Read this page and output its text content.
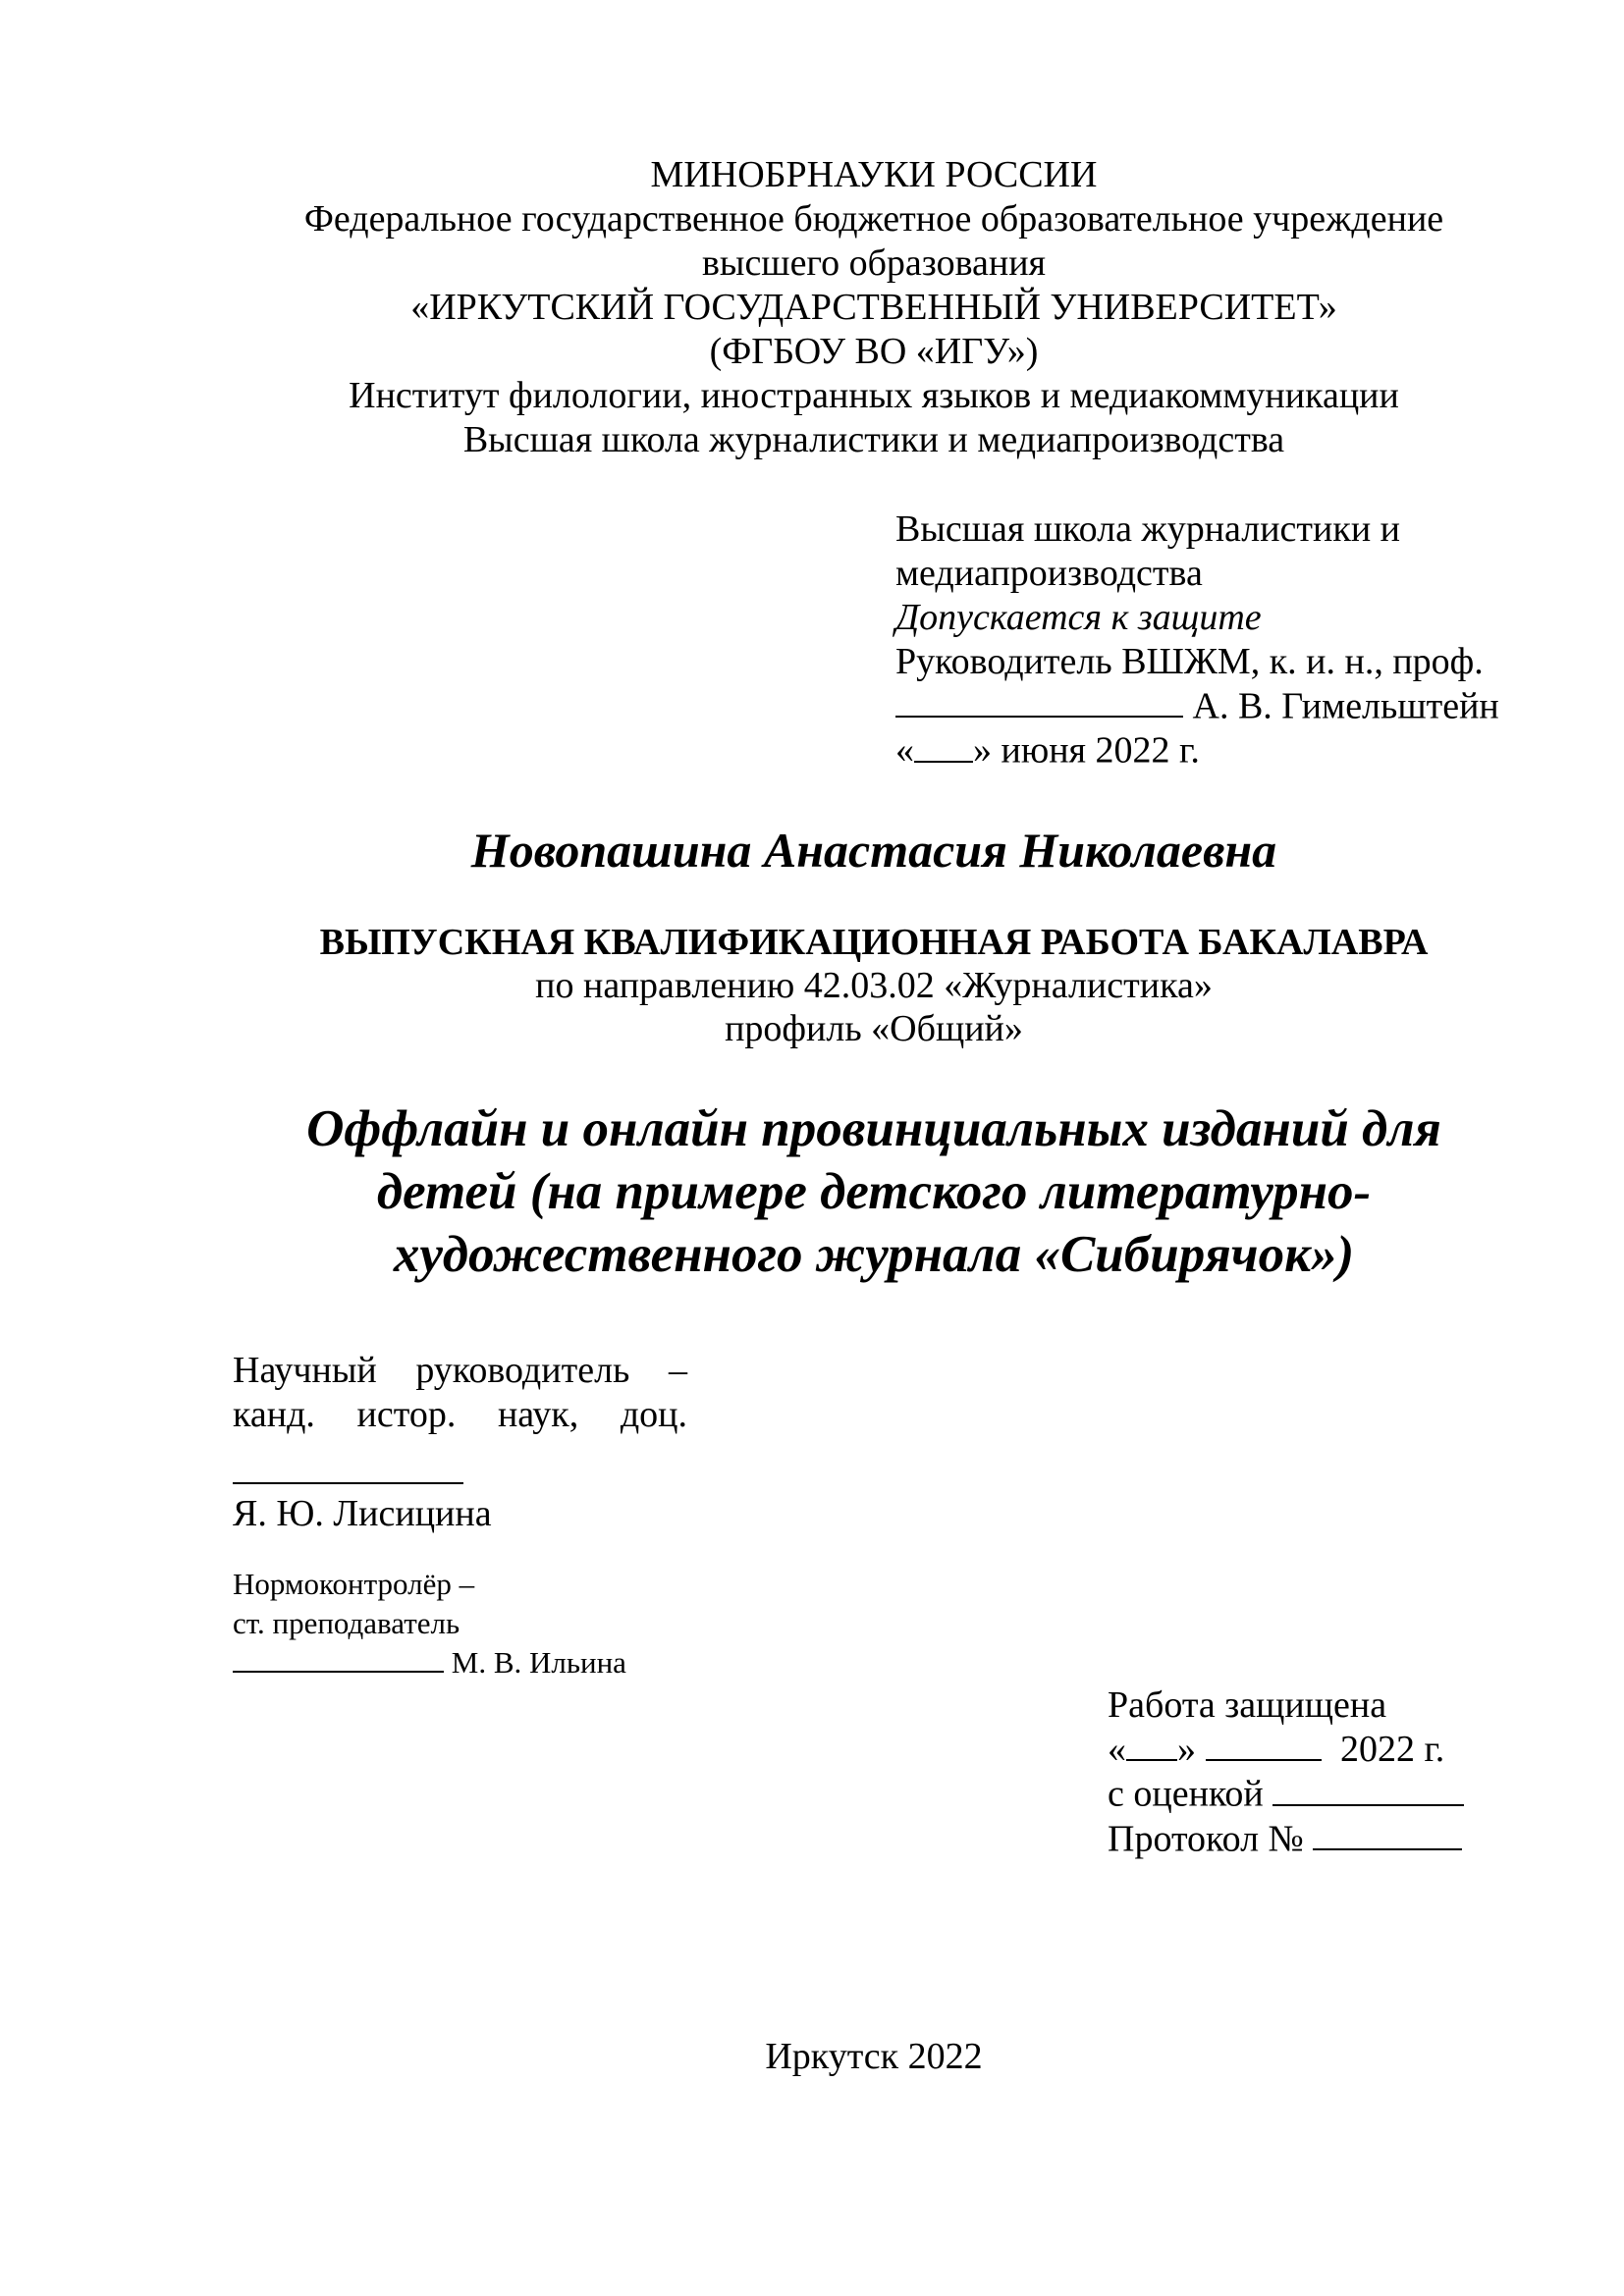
МИНОБРНАУКИ РОССИИ
Федеральное государственное бюджетное образовательное учреждение
высшего образования
«ИРКУТСКИЙ ГОСУДАРСТВЕННЫЙ УНИВЕРСИТЕТ»
(ФГБОУ ВО «ИГУ»)
Институт филологии, иностранных языков и медиакоммуникации
Высшая школа журналистики и медиапроизводства
Высшая школа журналистики и
медиапроизводства
Допускается к защите
Руководитель ВШЖМ, к. и. н., проф.
А. В. Гимельштейн
« » июня 2022 г.
Новопашина Анастасия Николаевна
ВЫПУСКНАЯ КВАЛИФИКАЦИОННАЯ РАБОТА БАКАЛАВРА
по направлению 42.03.02 «Журналистика»
профиль «Общий»
Оффлайн и онлайн провинциальных изданий для
детей (на примере детского литературно-
художественного журнала «Сибирячок»)
Научный руководитель –
канд. истор. наук, доц.
Я. Ю. Лисицина
Нормоконтролёр –
ст. преподаватель
М. В. Ильина
Работа защищена
« »	2022 г.
с оценкой
Протокол №
Иркутск 2022
